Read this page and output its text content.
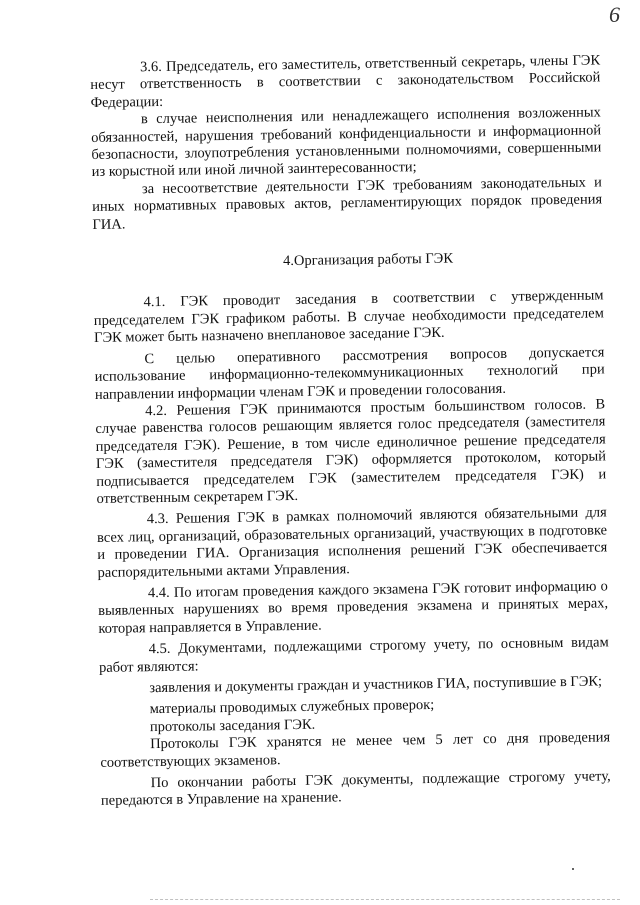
6

3.6. Председатель, его заместитель, ответственный секретарь, члены ГЭК несут ответственность в соответствии с законодательством Российской Федерации:

в случае неисполнения или ненадлежащего исполнения возложенных обязанностей, нарушения требований конфиденциальности и информационной безопасности, злоупотребления установленными полномочиями, совершенными из корыстной или иной личной заинтересованности;

за несоответствие деятельности ГЭК требованиям законодательных и иных нормативных правовых актов, регламентирующих порядок проведения ГИА.

4.Организация работы ГЭК

4.1. ГЭК проводит заседания в соответствии с утвержденным председателем ГЭК графиком работы. В случае необходимости председателем ГЭК может быть назначено внеплановое заседание ГЭК.

С целью оперативного рассмотрения вопросов допускается использование информационно-телекоммуникационных технологий при направлении информации членам ГЭК и проведении голосования.

4.2. Решения ГЭК принимаются простым большинством голосов. В случае равенства голосов решающим является голос председателя (заместителя председателя ГЭК). Решение, в том числе единоличное решение председателя ГЭК (заместителя председателя ГЭК) оформляется протоколом, который подписывается председателем ГЭК (заместителем председателя ГЭК) и ответственным секретарем ГЭК.

4.3. Решения ГЭК в рамках полномочий являются обязательными для всех лиц, организаций, образовательных организаций, участвующих в подготовке и проведении ГИА. Организация исполнения решений ГЭК обеспечивается распорядительными актами Управления.

4.4. По итогам проведения каждого экзамена ГЭК готовит информацию о выявленных нарушениях во время проведения экзамена и принятых мерах, которая направляется в Управление.

4.5. Документами, подлежащими строгому учету, по основным видам работ являются:

заявления и документы граждан и участников ГИА, поступившие в ГЭК;

материалы проводимых служебных проверок;

протоколы заседания ГЭК.

Протоколы ГЭК хранятся не менее чем 5 лет со дня проведения соответствующих экзаменов.

По окончании работы ГЭК документы, подлежащие строгому учету, передаются в Управление на хранение.
